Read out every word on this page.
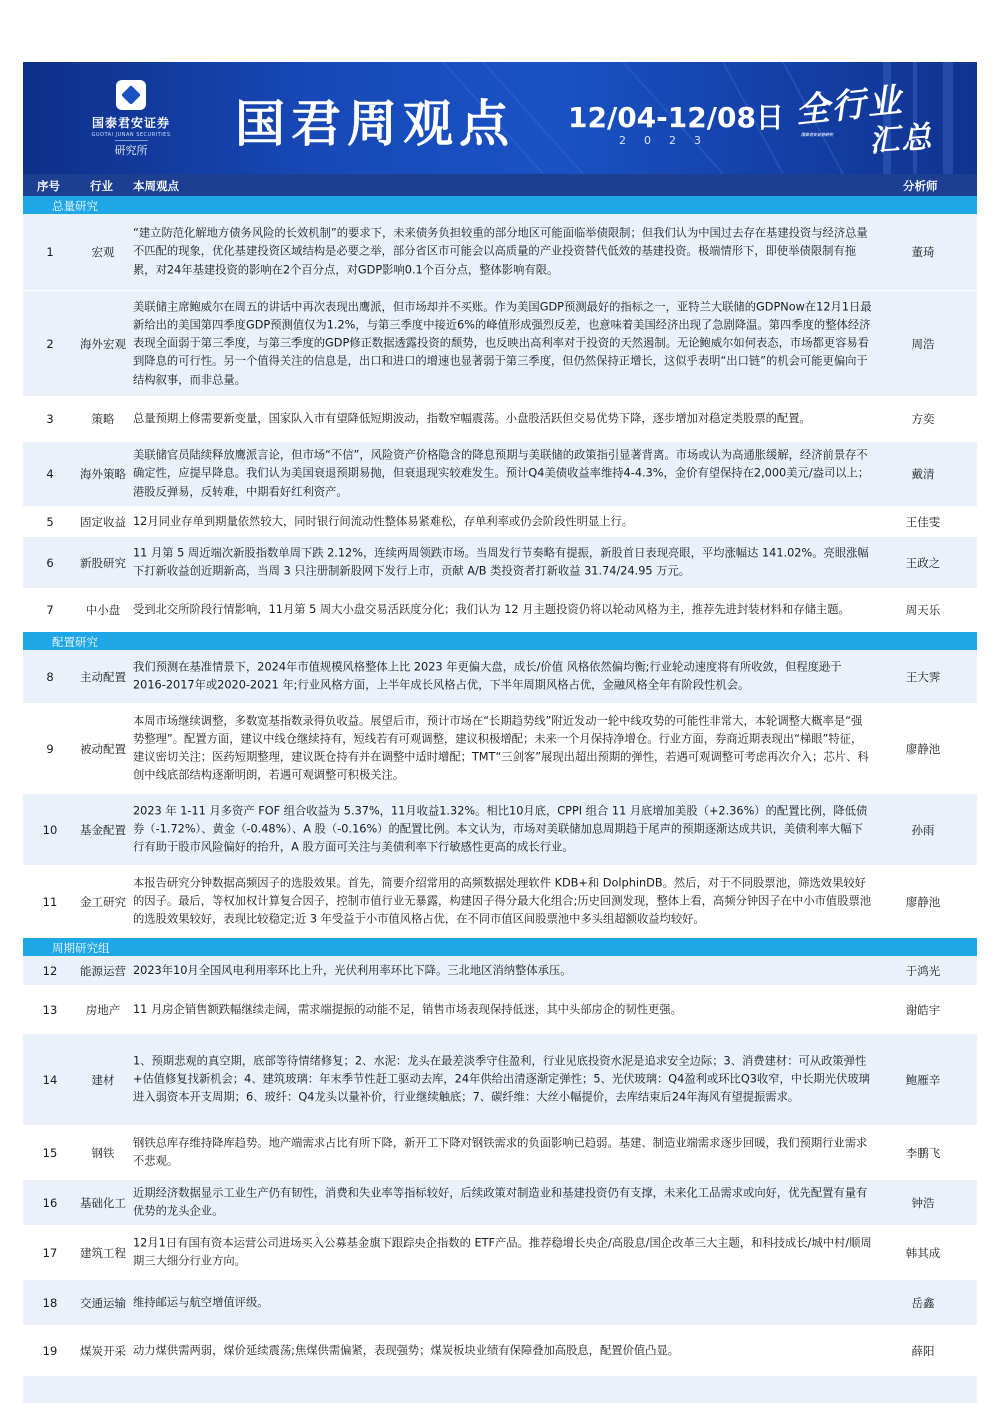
国泰君安证券
GUOTAI JUNAN SECURITIES
研究所	国君周观点 12/04-12/08日
2023
全行业
汇总
国泰君安证券研究
序号	行业 本周观点	分析师
总量研究
1	宏观
“建立防范化解地方债务风险的长效机制”的要求下，未来债务负担较重的部分地区可能面临举债限制；但我们认为中国过去存在基建投资与经济总量不匹配的现象，优化基建投资区域结构是必要之举，部分省区市可能会以高质量的产业投资替代低效的基建投资。极端情形下，即使举债限制有拖累，对24年基建投资的影响在2个百分点，对GDP影响0.1个百分点，整体影响有限。
董琦
2	海外宏观
美联储主席鲍威尔在周五的讲话中再次表现出鹰派，但市场却并不买账。作为美国GDP预测最好的指标之一，亚特兰大联储的GDPNow在12月1日最新给出的美国第四季度GDP预测值仅为1.2%，与第三季度中接近6%的峰值形成强烈反差，也意味着美国经济出现了急剧降温。第四季度的整体经济表现全面弱于第三季度，与第三季度的GDP修正数据透露投资的颓势，也反映出高利率对于投资的天然遏制。无论鲍威尔如何表态，市场都更容易看到降息的可行性。另一个值得关注的信息是，出口和进口的增速也显著弱于第三季度，但仍然保持正增长，这似乎表明“出口链”的机会可能更偏向于结构叙事，而非总量。
周浩
3	策略	总量预期上修需要新变量，国家队入市有望降低短期波动，指数窄幅震荡。小盘股活跃但交易优势下降，逐步增加对稳定类股票的配置。	方奕
4	海外策略
美联储官员陆续释放鹰派言论，但市场“不信”，风险资产价格隐含的降息预期与美联储的政策指引显著背离。市场或认为高通胀缓解，经济前景存不确定性，应提早降息。我们认为美国衰退预期易抛，但衰退现实较难发生。预计Q4美债收益率维持4-4.3%，金价有望保持在2,000美元/盎司以上；港股反弹易，反转难，中期看好红利资产。
戴清
5	固定收益 12月同业存单到期量依然较大，同时银行间流动性整体易紧难松，存单利率或仍会阶段性明显上行。	王佳雯
6	新股研究
11 月第 5 周近端次新股指数单周下跌 2.12%，连续两周领跌市场。当周发行节奏略有提振，新股首日表现亮眼，平均涨幅达 141.02%。亮眼涨幅下打新收益创近期新高，当周 3 只注册制新股网下发行上市，贡献 A/B 类投资者打新收益 31.74/24.95 万元。
王政之
7	中小盘	受到北交所阶段行情影响，11月第 5 周大小盘交易活跃度分化；我们认为 12 月主题投资仍将以轮动风格为主，推荐先进封装材料和存储主题。	周天乐
配置研究
8	主动配置
我们预测在基准情景下，2024年市值规模风格整体上比 2023 年更偏大盘，成长/价值 风格依然偏均衡;行业轮动速度将有所收敛，但程度逊于 2016-2017年或2020-2021 年;行业风格方面，上半年成长风格占优，下半年周期风格占优，金融风格全年有阶段性机会。
王大霁
9	被动配置
本周市场继续调整，多数宽基指数录得负收益。展望后市，预计市场在“长期趋势线”附近发动一轮中线攻势的可能性非常大，本轮调整大概率是“强势整理”。配置方面，建议中线仓继续持有，短线若有可观调整，建议积极增配；未来一个月保持净增仓。行业方面，券商近期表现出“梯眼”特征，建议密切关注；医药短期整理，建议既仓持有并在调整中适时增配；TMT“三剑客”展现出超出预期的弹性，若遇可观调整可考虑再次介入；芯片、科创中线底部结构逐渐明朗，若遇可观调整可积极关注。
廖静池
10	基金配置
2023 年 1-11 月多资产 FOF 组合收益为 5.37%，11月收益1.32%。相比10月底，CPPI 组合 11 月底增加美股（+2.36%）的配置比例，降低债券（-1.72%）、黄金（-0.48%）、A 股（-0.16%）的配置比例。本文认为，市场对美联储加息周期趋于尾声的预期逐渐达成共识，美债利率大幅下行有助于股市风险偏好的抬升，A 股方面可关注与美债利率下行敏感性更高的成长行业。
孙雨
11	金工研究
本报告研究分钟数据高频因子的选股效果。首先，简要介绍常用的高频数据处理软件 KDB+和 DolphinDB。然后，对于不同股票池，筛选效果较好的因子。最后，等权加权计算复合因子，控制市值行业无暴露，构建因子得分最大化组合;历史回测发现，整体上看，高频分钟因子在中小市值股票池的选股效果较好，表现比较稳定;近 3 年受益于小市值风格占优，在不同市值区间股票池中多头组超额收益均较好。
廖静池
周期研究组
12	能源运营 2023年10月全国风电利用率环比上升，光伏利用率环比下降。三北地区消纳整体承压。	于鸿光
13	房地产	11 月房企销售额跌幅继续走阔，需求端提振的动能不足，销售市场表现保持低迷，其中头部房企的韧性更强。	谢皓宇
14	建材
1、预期悲观的真空期，底部等待情绪修复；2、水泥：龙头在最差淡季守住盈利，行业见底投资水泥是追求安全边际；3、消费建材：可从政策弹性+估值修复找新机会；4、建筑玻璃：年末季节性赶工驱动去库，24年供给出清逐渐定弹性；5、光伏玻璃：Q4盈利或环比Q3收窄，中长期光伏玻璃进入弱资本开支周期；6、玻纤：Q4龙头以量补价，行业继续触底；7、碳纤维：大丝小幅提价，去库结束后24年海风有望提振需求。
鲍雁辛
15	钢铁
钢铁总库存维持降库趋势。地产端需求占比有所下降，新开工下降对钢铁需求的负面影响已趋弱。基建、制造业端需求逐步回暖，我们预期行业需求不悲观。
李鹏飞
16	基础化工
近期经济数据显示工业生产仍有韧性，消费和失业率等指标较好，后续政策对制造业和基建投资仍有支撑，未来化工品需求或向好，优先配置有量有优势的龙头企业。
钟浩
17	建筑工程
12月1日有国有资本运营公司进场买入公募基金旗下跟踪央企指数的 ETF产品。推荐稳增长央企/高股息/国企改革三大主题，和科技成长/城中村/顺周期三大细分行业方向。
韩其成
18	交通运输 维持邮运与航空增值评级。	岳鑫
19	煤炭开采 动力煤供需两弱，煤价延续震荡;焦煤供需偏紧，表现强势；煤炭板块业绩有保障叠加高股息，配置价值凸显。	薛阳
